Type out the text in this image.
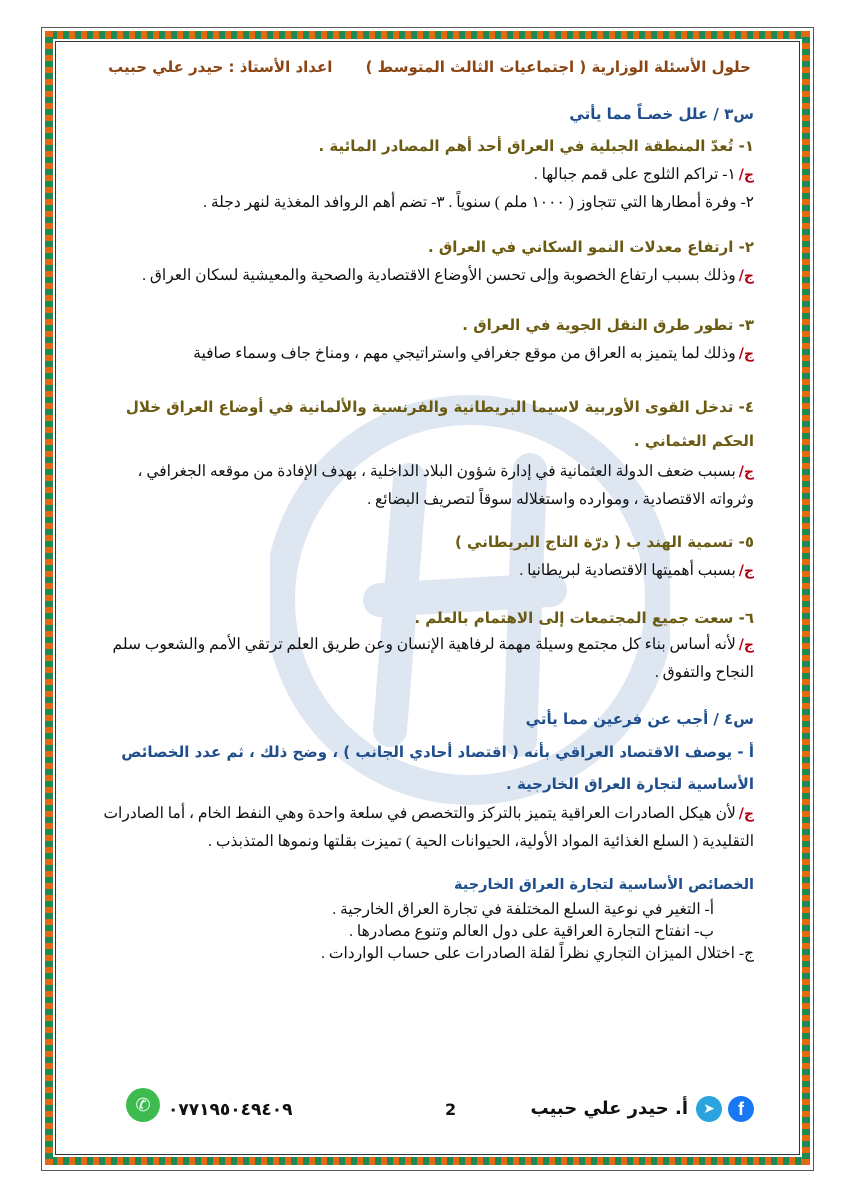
حلول الأسئلة الوزارية ( اجتماعيات الثالث المتوسط ) اعداد الأستاذ : حيدر علي حبيب

س٣ / علل خصـاً مما يأتي

١- تُعدّ المنطقة الجبلية في العراق أحد أهم المصادر المائية .

ج/١- تراكم الثلوج على قمم جبالها .

٢- وفرة أمطارها التي تتجاوز ( ١٠٠٠ ملم ) سنوياً . ٣- تضم أهم الروافد المغذية لنهر دجلة .

٢- ارتفاع معدلات النمو السكاني في العراق .

ج/وذلك بسبب ارتفاع الخصوبة وإلى تحسن الأوضاع الاقتصادية والصحية والمعيشية لسكان العراق .

٣- تطور طرق النقل الجوية في العراق .

ج/وذلك لما يتميز به العراق من موقع جغرافي واستراتيجي مهم ، ومناخ جاف وسماء صافية

٤- تدخل القوى الأوربية لاسيما البريطانية والفرنسية والألمانية في أوضاع العراق خلال الحكم العثماني .

ج/بسبب ضعف الدولة العثمانية في إدارة شؤون البلاد الداخلية ، بهدف الإفادة من موقعه الجغرافي ، وثرواته الاقتصادية ، وموارده واستغلاله سوقاً لتصريف البضائع .

٥- تسمية الهند ب ( درّة التاج البريطاني )

ج/بسبب أهميتها الاقتصادية لبريطانيا .

٦- سعت جميع المجتمعات إلى الاهتمام بالعلم .

ج/لأنه أساس بناء كل مجتمع وسيلة مهمة لرفاهية الإنسان وعن طريق العلم ترتقي الأمم والشعوب سلم النجاح والتفوق .

س٤ / أجب عن فرعين مما يأتي

أ - يوصف الاقتصاد العراقي بأنه ( اقتصاد أحادي الجانب ) ، وضح ذلك ، ثم عدد الخصائص الأساسية لتجارة العراق الخارجية .

ج/لأن هيكل الصادرات العراقية يتميز بالتركز والتخصص في سلعة واحدة وهي النفط الخام ، أما الصادرات التقليدية ( السلع الغذائية المواد الأولية، الحيوانات الحية ) تميزت بقلتها ونموها المتذبذب .

الخصائص الأساسية لتجارة العراق الخارجية

أ- التغير في نوعية السلع المختلفة في تجارة العراق الخارجية .

ب- انفتاح التجارة العراقية على دول العالم وتنوع مصادرها .

ج- اختلال الميزان التجاري نظراً لقلة الصادرات على حساب الواردات .

f
➤
أ. حيدر علي حبيب
2
٠٧٧١٩٥٠٤٩٤٠٩
✆
